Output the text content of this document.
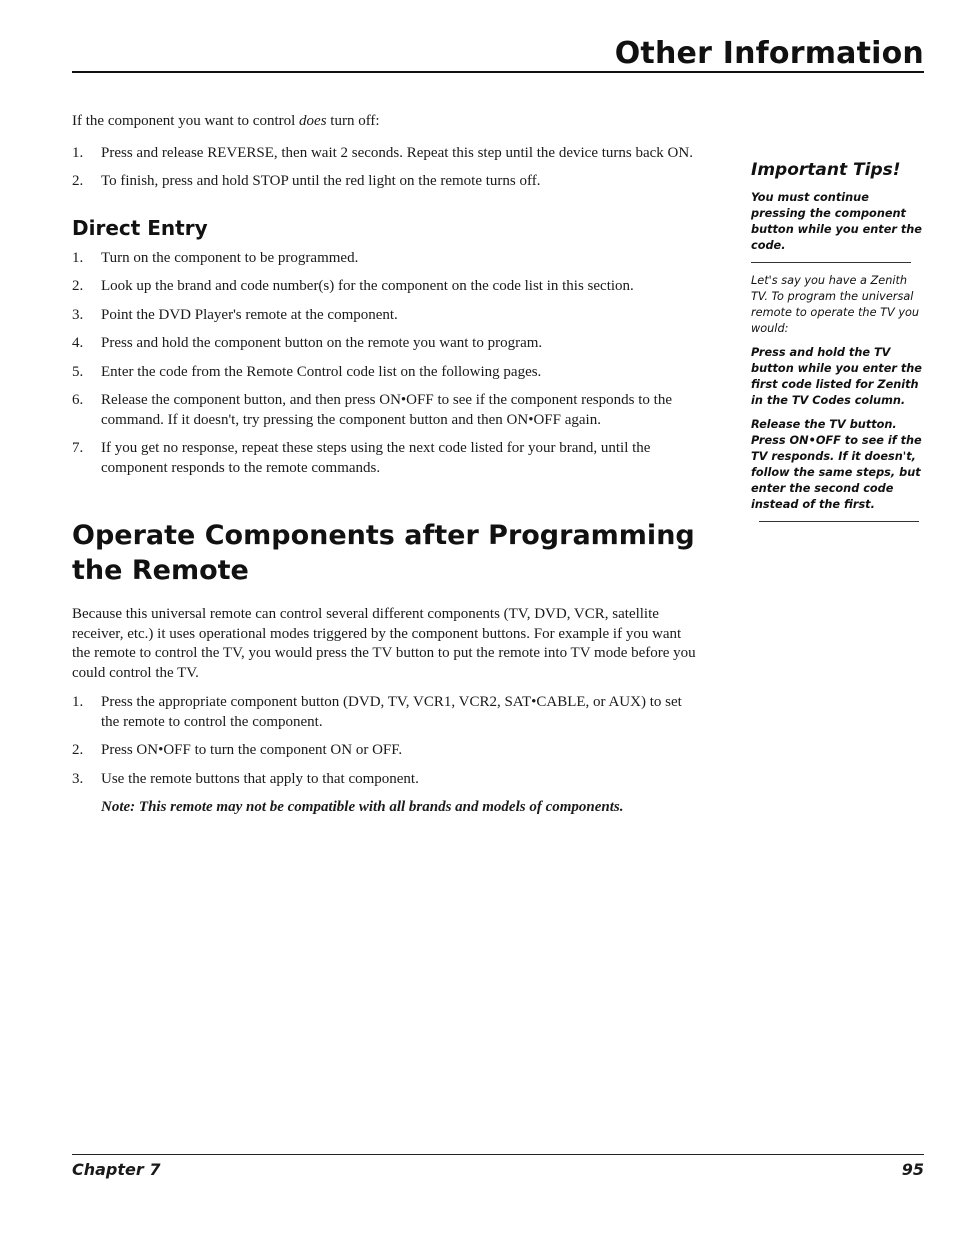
Other Information

If the component you want to control does turn off:

1.	Press and release REVERSE, then wait 2 seconds. Repeat this step until the device turns back ON.
2.	To finish, press and hold STOP until the red light on the remote turns off.
Direct Entry
1.	Turn on the component to be programmed.
2.	Look up the brand and code number(s) for the component on the code list in this section.
3.	Point the DVD Player's remote at the component.
4.	Press and hold the component button on the remote you want to program.
5.	Enter the code from the Remote Control code list on the following pages.
6.	Release the component button, and then press ON•OFF to see if the component responds to the command. If it doesn't, try pressing the component button and then ON•OFF again.
7.	If you get no response, repeat these steps using the next code listed for your brand, until the component responds to the remote commands.
Operate Components after Programming the Remote

Because this universal remote can control several different components (TV, DVD, VCR, satellite receiver, etc.) it uses operational modes triggered by the component buttons. For example if you want the remote to control the TV, you would press the TV button to put the remote into TV mode before you could control the TV.

1.	Press the appropriate component button (DVD, TV, VCR1, VCR2, SAT•CABLE, or AUX) to set the remote to control the component.
2.	Press ON•OFF to turn the component ON or OFF.
3.	Use the remote buttons that apply to that component.

Note: This remote may not be compatible with all brands and models of components.

Important Tips!

You must continue pressing the component button while you enter the code.

Let's say you have a Zenith TV. To program the universal remote to operate the TV you would:

Press and hold the TV button while you enter the first code listed for Zenith in the TV Codes column.

Release the TV button. Press ON•OFF to see if the TV responds. If it doesn't, follow the same steps, but enter the second code instead of the first.

Chapter 7	95
